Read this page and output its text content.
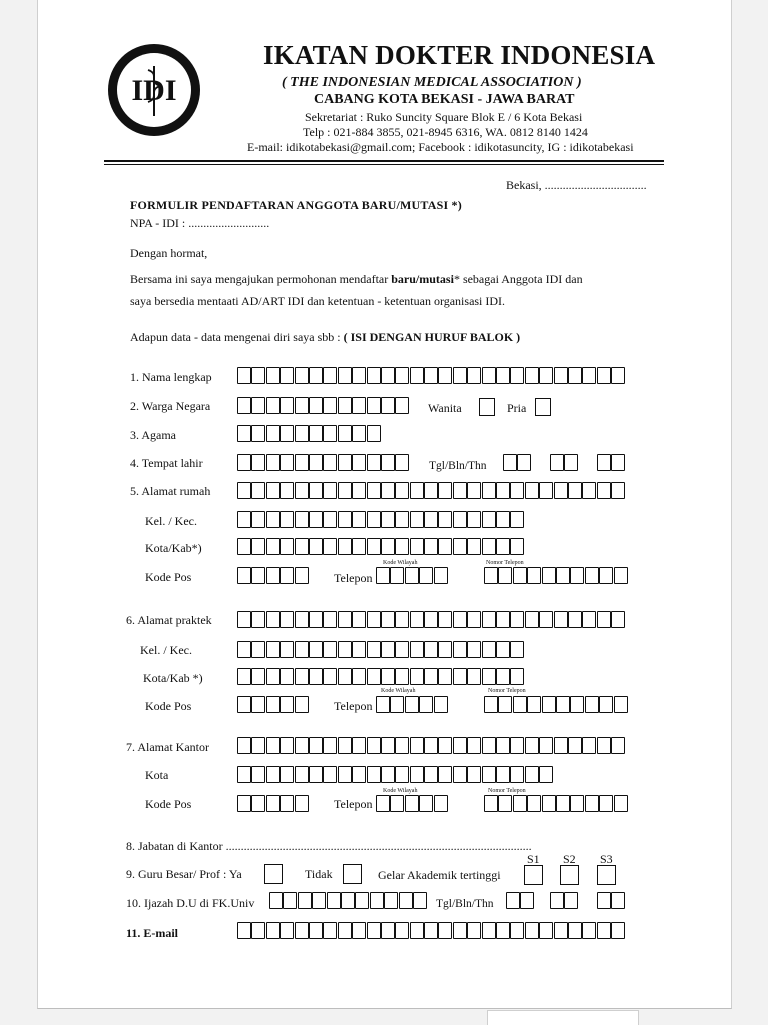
IDI
IKATAN DOKTER INDONESIA
( THE INDONESIAN MEDICAL ASSOCIATION )
CABANG KOTA BEKASI - JAWA BARAT
Sekretariat : Ruko Suncity Square Blok E / 6 Kota Bekasi
Telp : 021-884 3855, 021-8945 6316, WA. 0812 8140 1424
E-mail: idikotabekasi@gmail.com; Facebook : idikotasuncity, IG : idikotabekasi
Bekasi, ..................................
FORMULIR PENDAFTARAN ANGGOTA BARU/MUTASI *)
NPA - IDI : ...........................
Dengan hormat,
Bersama ini saya mengajukan permohonan mendaftar baru/mutasi* sebagai Anggota IDI dan
saya bersedia mentaati AD/ART IDI dan ketentuan - ketentuan organisasi IDI.
Adapun data - data mengenai diri saya sbb : ( ISI DENGAN HURUF BALOK )
1. Nama lengkap
2. Warga Negara	Wanita	Pria
3. Agama
4. Tempat lahir	Tgl/Bln/Thn
5. Alamat rumah
Kel. / Kec.
Kota/Kab*)
Kode Wilayah	Nomor Telepon
Kode Pos	Telepon
6. Alamat praktek
Kel. / Kec.
Kota/Kab *)
Kode Wilayah	Nomor Telepon
Kode Pos	Telepon
7. Alamat Kantor
Kota
Kode Wilayah	Nomor Telepon
Kode Pos	Telepon
8. Jabatan di Kantor ......................................................................................................
S1 S2 S3
9. Guru Besar/ Prof : Ya	Tidak	Gelar Akademik tertinggi
10. Ijazah D.U di FK.Univ	Tgl/Bln/Thn
11. E-mail
